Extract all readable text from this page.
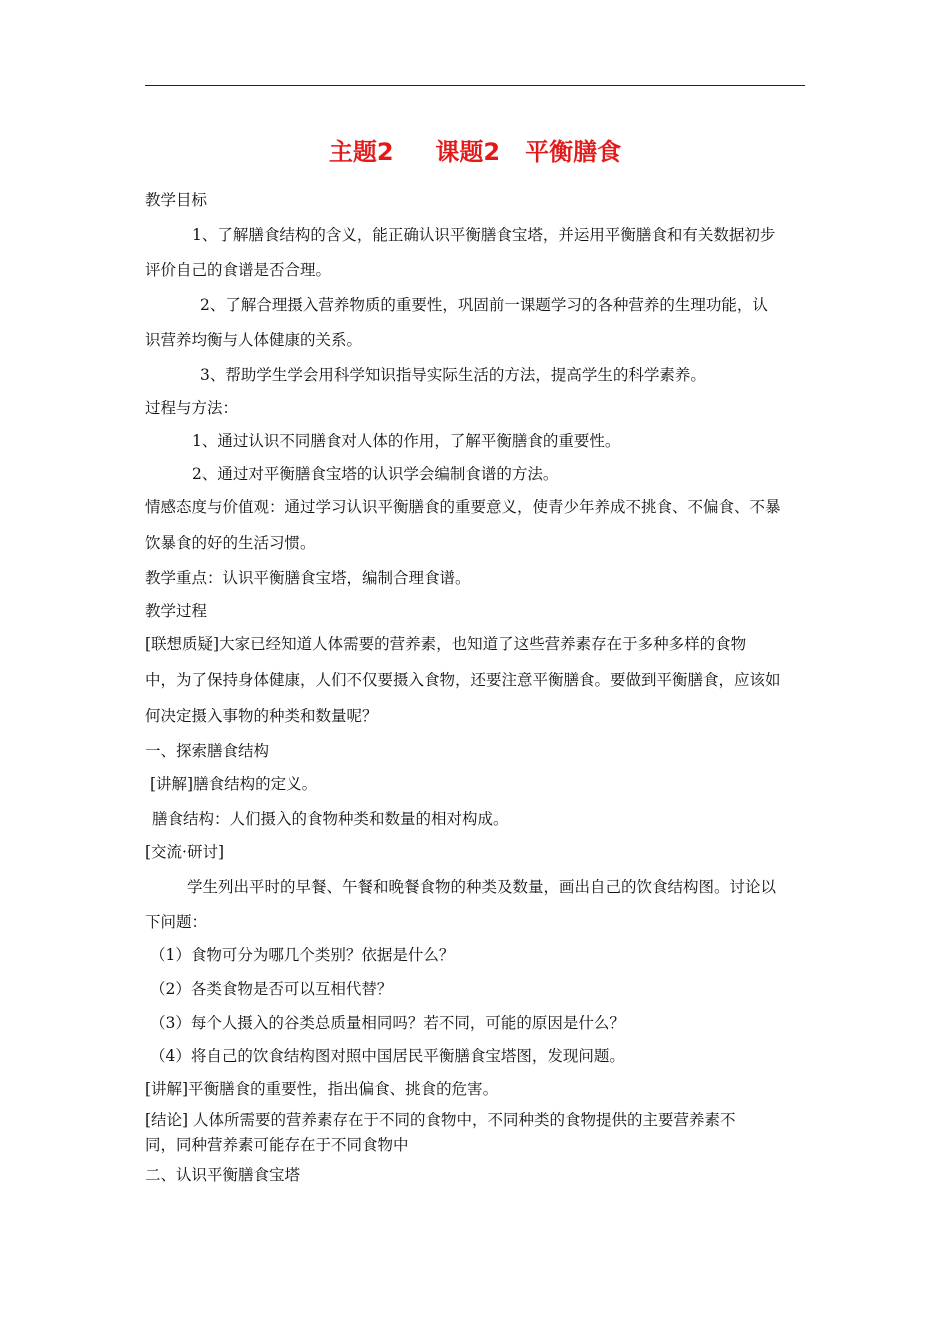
主题2     课题2   平衡膳食
教学目标
1、了解膳食结构的含义，能正确认识平衡膳食宝塔，并运用平衡膳食和有关数据初步
评价自己的食谱是否合理。
2、了解合理摄入营养物质的重要性，巩固前一课题学习的各种营养的生理功能，认
识营养均衡与人体健康的关系。
3、帮助学生学会用科学知识指导实际生活的方法，提高学生的科学素养。
过程与方法：
1、通过认识不同膳食对人体的作用，了解平衡膳食的重要性。
2、通过对平衡膳食宝塔的认识学会编制食谱的方法。
情感态度与价值观：通过学习认识平衡膳食的重要意义，使青少年养成不挑食、不偏食、不暴
饮暴食的好的生活习惯。
教学重点：认识平衡膳食宝塔，编制合理食谱。
教学过程
[联想质疑]大家已经知道人体需要的营养素，也知道了这些营养素存在于多种多样的食物
中，为了保持身体健康，人们不仅要摄入食物，还要注意平衡膳食。要做到平衡膳食，应该如
何决定摄入事物的种类和数量呢？
一、探索膳食结构
[讲解]膳食结构的定义。
膳食结构：人们摄入的食物种类和数量的相对构成。
[交流·研讨]
学生列出平时的早餐、午餐和晚餐食物的种类及数量，画出自己的饮食结构图。讨论以
下问题：
（1）食物可分为哪几个类别？依据是什么？
（2）各类食物是否可以互相代替？
（3）每个人摄入的谷类总质量相同吗？若不同，可能的原因是什么？
（4）将自己的饮食结构图对照中国居民平衡膳食宝塔图，发现问题。
[讲解]平衡膳食的重要性，指出偏食、挑食的危害。
[结论] 人体所需要的营养素存在于不同的食物中，不同种类的食物提供的主要营养素不
同，同种营养素可能存在于不同食物中
二、认识平衡膳食宝塔
